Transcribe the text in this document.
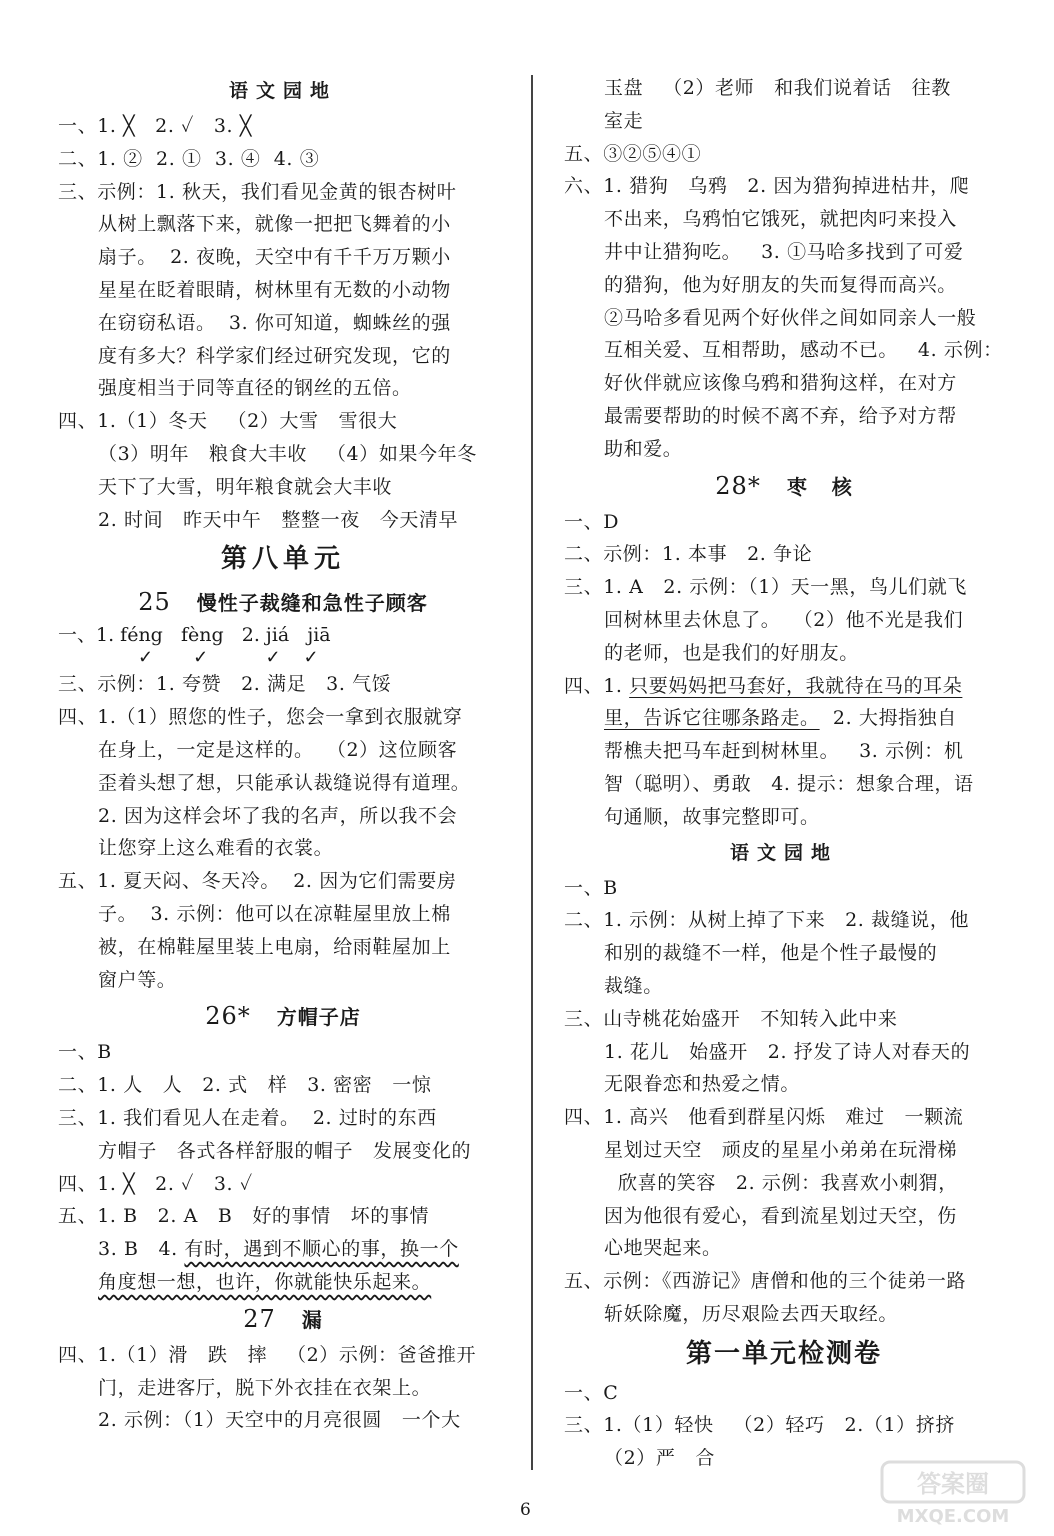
语文园地
一、1. ╳   2. ✓   3. ╳
二、1. ②  2. ①  3. ④  4. ③
三、示例：1. 秋天，我们看见金黄的银杏树叶
从树上飘落下来，就像一把把飞舞着的小
扇子。  2. 夜晚，天空中有千千万万颗小
星星在眨着眼睛，树林里有无数的小动物
在窃窃私语。  3. 你可知道，蜘蛛丝的强
度有多大？科学家们经过研究发现，它的
强度相当于同等直径的钢丝的五倍。
四、1.（1）冬天   （2）大雪   雪很大
（3）明年   粮食大丰收   （4）如果今年冬
天下了大雪，明年粮食就会大丰收
2. 时间   昨天中午   整整一夜   今天清早
第八单元
25 慢性子裁缝和急性子顾客
一、1. féng   fèng   2. jiá   jiā
✓       ✓          ✓    ✓
三、示例：1. 夸赞   2. 满足   3. 气馁
四、1.（1）照您的性子，您会一拿到衣服就穿
在身上，一定是这样的。  （2）这位顾客
歪着头想了想，只能承认裁缝说得有道理。
2. 因为这样会坏了我的名声，所以我不会
让您穿上这么难看的衣裳。
五、1. 夏天闷、冬天冷。  2. 因为它们需要房
子。  3. 示例：他可以在凉鞋屋里放上棉
被，在棉鞋屋里装上电扇，给雨鞋屋加上
窗户等。
26* 方帽子店
一、B
二、1. 人   人   2. 式   样   3. 密密   一惊
三、1. 我们看见人在走着。  2. 过时的东西
方帽子   各式各样舒服的帽子   发展变化的
四、1. ╳   2. ✓   3. ✓
五、1. B   2. A   B   好的事情   坏的事情
3. B   4. 有时，遇到不顺心的事，换一个
角度想一想，也许，你就能快乐起来。
27 漏
四、1.（1）滑   跌   摔   （2）示例：爸爸推开
门，走进客厅，脱下外衣挂在衣架上。
2. 示例：（1）天空中的月亮很圆   一个大
玉盘   （2）老师   和我们说着话   往教
室走
五、③②⑤④①
六、1. 猎狗   乌鸦   2. 因为猎狗掉进枯井，爬
不出来，乌鸦怕它饿死，就把肉叼来投入
井中让猎狗吃。   3. ①马哈多找到了可爱
的猎狗，他为好朋友的失而复得而高兴。
②马哈多看见两个好伙伴之间如同亲人一般
互相关爱、互相帮助，感动不已。   4. 示例：
好伙伴就应该像乌鸦和猎狗这样，在对方
最需要帮助的时候不离不弃，给予对方帮
助和爱。
28* 枣   核
一、D
二、示例：1. 本事   2. 争论
三、1. A   2. 示例：（1）天一黑，鸟儿们就飞
回树林里去休息了。  （2）他不光是我们
的老师，也是我们的好朋友。
四、1. 只要妈妈把马套好，我就待在马的耳朵
里，告诉它往哪条路走。  2. 大拇指独自
帮樵夫把马车赶到树林里。   3. 示例：机
智（聪明）、勇敢   4. 提示：想象合理，语
句通顺，故事完整即可。
语文园地
一、B
二、1. 示例：从树上掉了下来   2. 裁缝说，他
和别的裁缝不一样，他是个性子最慢的
裁缝。
三、山寺桃花始盛开   不知转入此中来
1. 花儿   始盛开   2. 抒发了诗人对春天的
无限眷恋和热爱之情。
四、1. 高兴   他看到群星闪烁   难过   一颗流
星划过天空   顽皮的星星小弟弟在玩滑梯
欣喜的笑容   2. 示例：我喜欢小刺猬，
因为他很有爱心，看到流星划过天空，伤
心地哭起来。
五、示例：《西游记》唐僧和他的三个徒弟一路
斩妖除魔，历尽艰险去西天取经。
第一单元检测卷
一、C
三、1.（1）轻快   （2）轻巧   2.（1）挤挤
（2）严   合
6
答案圈
MXQE.COM
